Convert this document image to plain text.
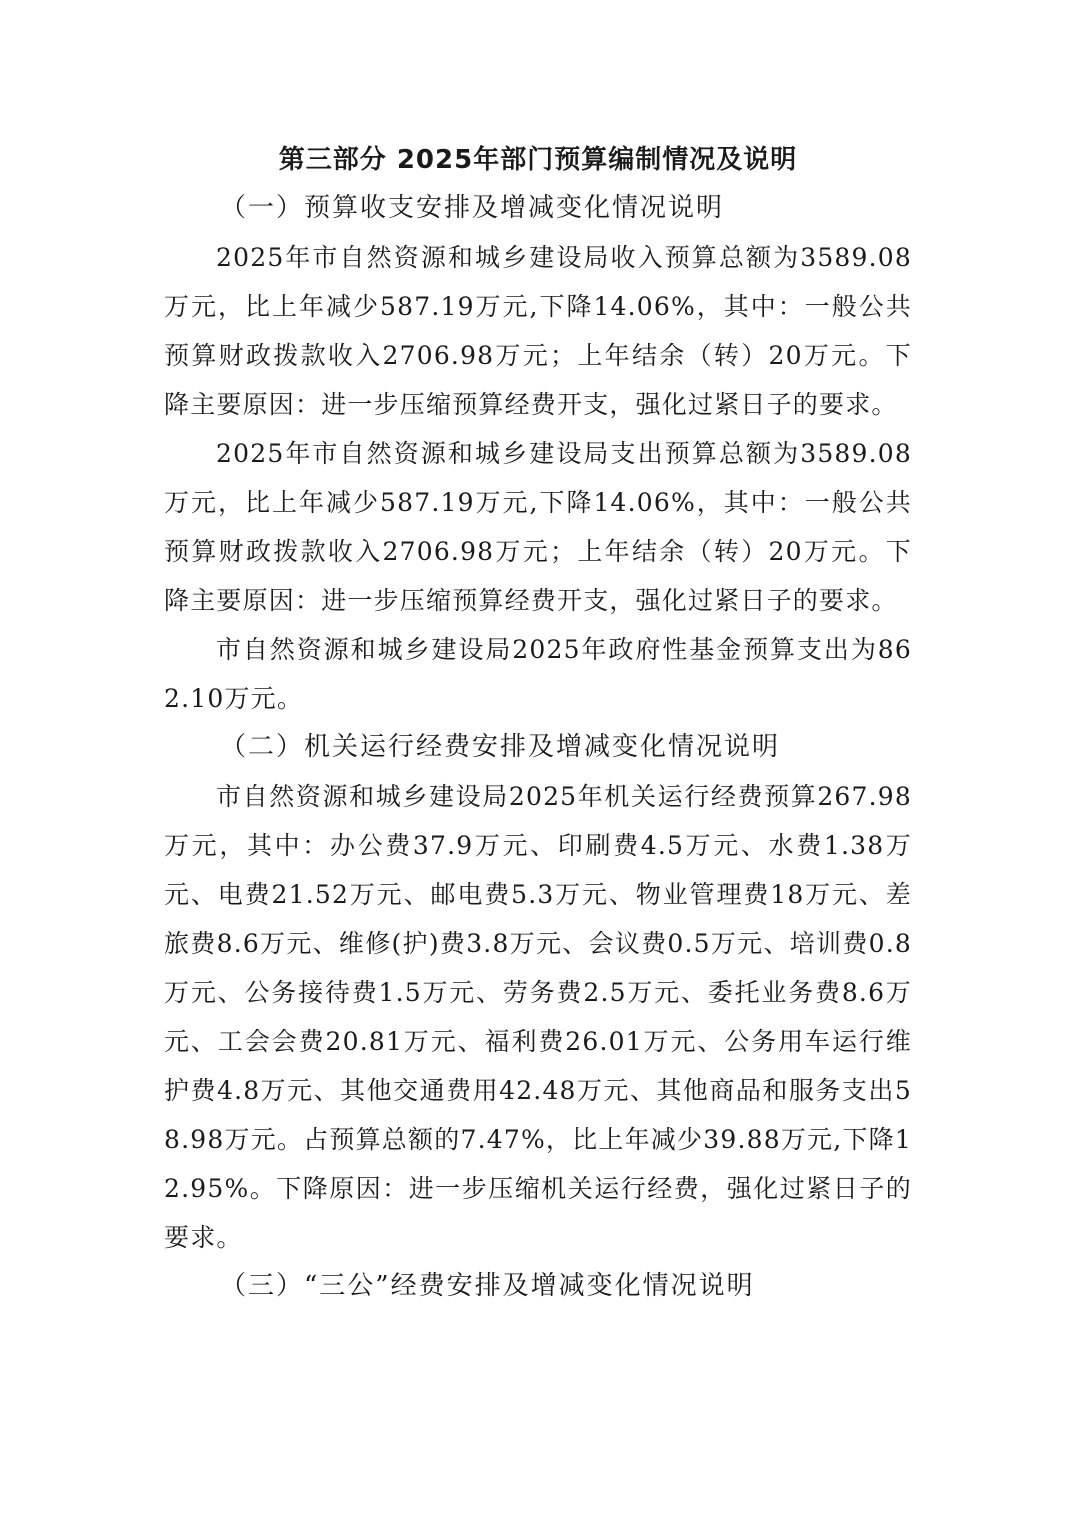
第三部分 2025年部门预算编制情况及说明

（一）预算收支安排及增减变化情况说明

2025年市自然资源和城乡建设局收入预算总额为3589.08万元，比上年减少587.19万元,下降14.06%，其中：一般公共预算财政拨款收入2706.98万元；上年结余（转）20万元。下降主要原因：进一步压缩预算经费开支，强化过紧日子的要求。

2025年市自然资源和城乡建设局支出预算总额为3589.08万元，比上年减少587.19万元,下降14.06%，其中：一般公共预算财政拨款收入2706.98万元；上年结余（转）20万元。下降主要原因：进一步压缩预算经费开支，强化过紧日子的要求。

市自然资源和城乡建设局2025年政府性基金预算支出为862.10万元。

（二）机关运行经费安排及增减变化情况说明

市自然资源和城乡建设局2025年机关运行经费预算267.98万元，其中：办公费37.9万元、印刷费4.5万元、水费1.38万元、电费21.52万元、邮电费5.3万元、物业管理费18万元、差旅费8.6万元、维修(护)费3.8万元、会议费0.5万元、培训费0.8万元、公务接待费1.5万元、劳务费2.5万元、委托业务费8.6万元、工会会费20.81万元、福利费26.01万元、公务用车运行维护费4.8万元、其他交通费用42.48万元、其他商品和服务支出58.98万元。占预算总额的7.47%，比上年减少39.88万元,下降12.95%。下降原因：进一步压缩机关运行经费，强化过紧日子的要求。

（三）“三公”经费安排及增减变化情况说明
